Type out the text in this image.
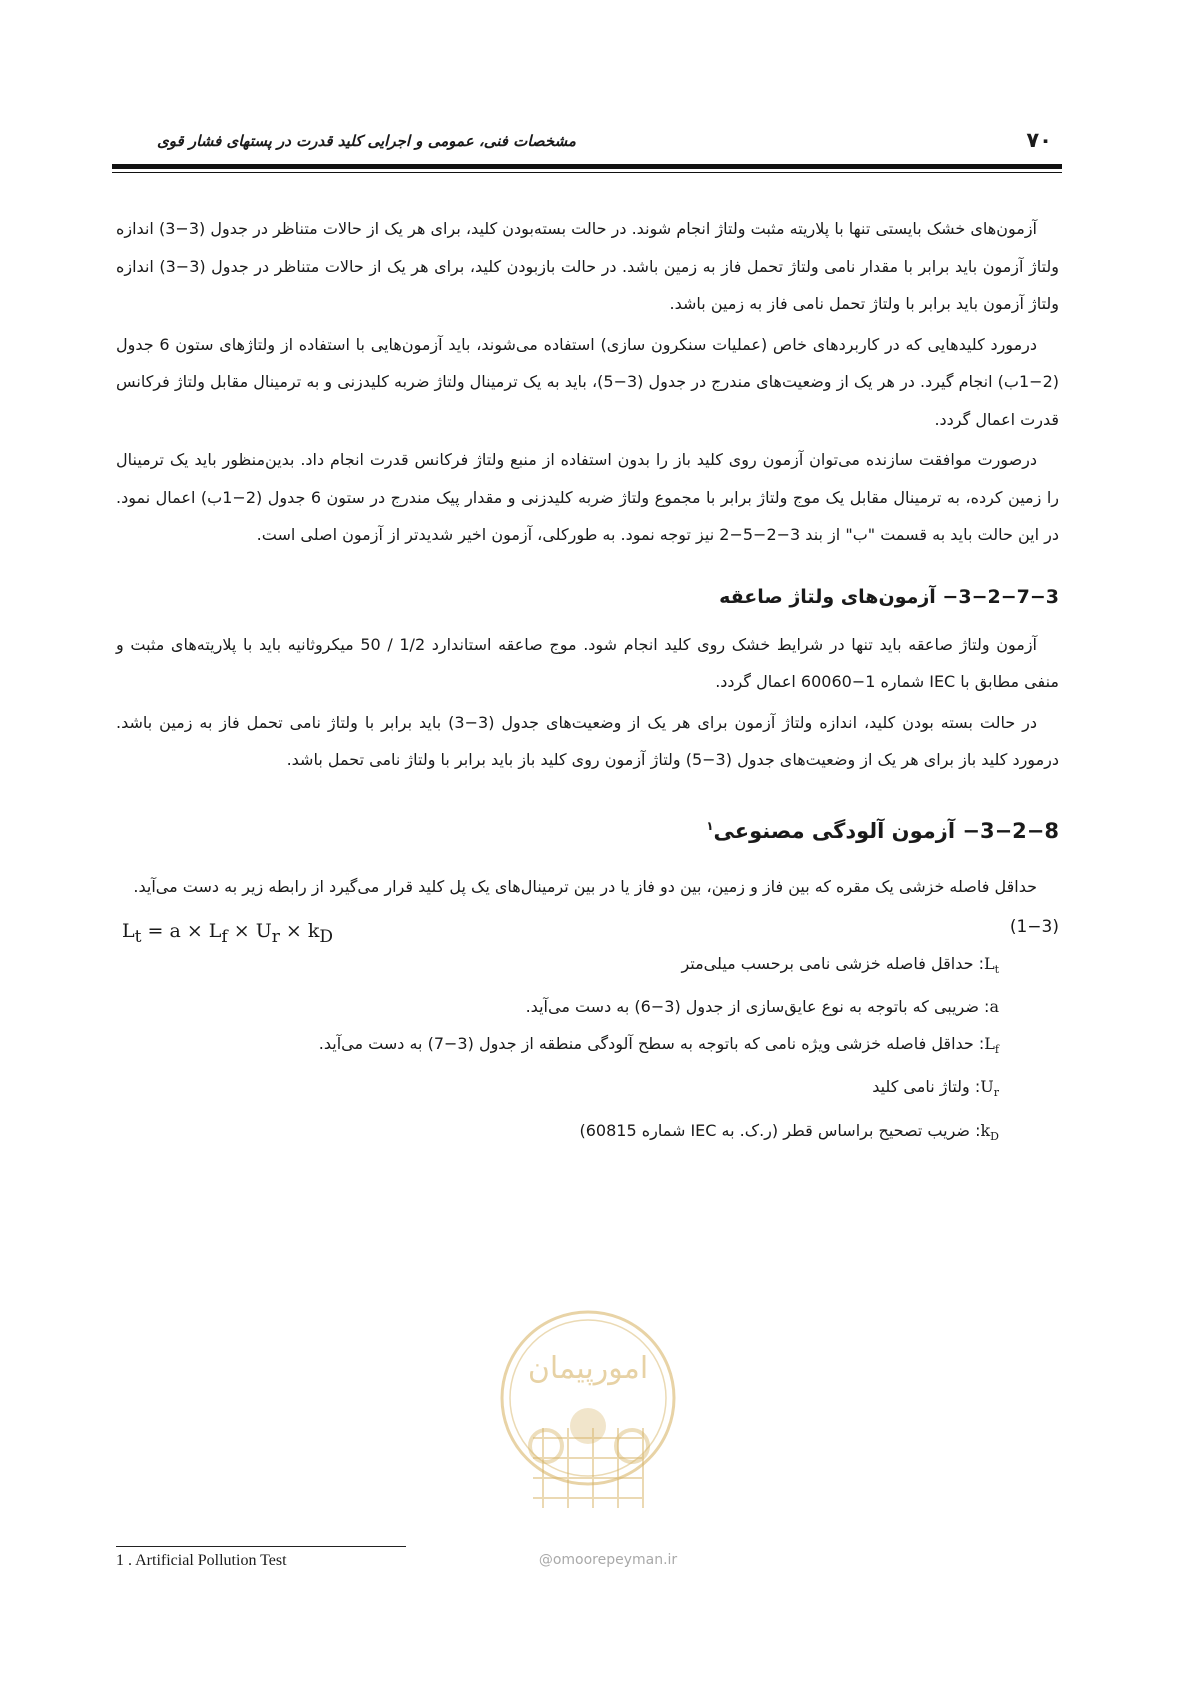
۷۰
مشخصات فنی، عمومی و اجرایی کلید قدرت در پستهای فشار قوی

آزمون‌های خشک بایستی تنها با پلاریته مثبت ولتاژ انجام شوند. در حالت بسته‌بودن کلید، برای هر یک از حالات متناظر در جدول (3−3) اندازه ولتاژ آزمون باید برابر با مقدار نامی ولتاژ تحمل فاز به زمین باشد. در حالت بازبودن کلید، برای هر یک از حالات متناظر در جدول (3−3) اندازه ولتاژ آزمون باید برابر با ولتاژ تحمل نامی فاز به زمین باشد.

درمورد کلیدهایی که در کاربردهای خاص (عملیات سنکرون سازی) استفاده می‌شوند، باید آزمون‌هایی با استفاده از ولتاژهای ستون 6 جدول (2−1ب) انجام گیرد. در هر یک از وضعیت‌های مندرج در جدول (3−5)، باید به یک ترمینال ولتاژ ضربه کلیدزنی و به ترمینال مقابل ولتاژ فرکانس قدرت اعمال گردد.

درصورت موافقت سازنده می‌توان آزمون روی کلید باز را بدون استفاده از منبع ولتاژ فرکانس قدرت انجام داد. بدین‌منظور باید یک ترمینال را زمین کرده، به ترمینال مقابل یک موج ولتاژ برابر با مجموع ولتاژ ضربه کلیدزنی و مقدار پیک مندرج در ستون 6 جدول (2−1ب) اعمال نمود. در این حالت باید به قسمت "ب" از بند 3−2−5−2 نیز توجه نمود. به طورکلی، آزمون اخیر شدیدتر از آزمون اصلی است.

3−2−7−3− آزمون‌های ولتاژ صاعقه

آزمون ولتاژ صاعقه باید تنها در شرایط خشک روی کلید انجام شود. موج صاعقه استاندارد 1/2 ∕ 50 میکروثانیه باید با پلاریته‌های مثبت و منفی مطابق با IEC شماره 1−60060 اعمال گردد.

در حالت بسته بودن کلید، اندازه ولتاژ آزمون برای هر یک از وضعیت‌های جدول (3−3) باید برابر با ولتاژ نامی تحمل فاز به زمین باشد. درمورد کلید باز برای هر یک از وضعیت‌های جدول (3−5) ولتاژ آزمون روی کلید باز باید برابر با ولتاژ نامی تحمل باشد.

3−2−8− آزمون آلودگی مصنوعی$^۱$

حداقل فاصله خزشی یک مقره که بین فاز و زمین، بین دو فاز یا در بین ترمینال‌های یک پل کلید قرار می‌گیرد از رابطه زیر به دست می‌آید.

$L_t = a \times L_f \times U_r \times k_D$	(1−3)
$L_t$: حداقل فاصله خزشی نامی برحسب میلی‌متر
a: ضریبی که باتوجه به نوع عایق‌سازی از جدول (3−6) به دست می‌آید.
$L_f$: حداقل فاصله خزشی ویژه نامی که باتوجه به سطح آلودگی منطقه از جدول (3−7) به دست می‌آید.
$U_r$: ولتاژ نامی کلید
$k_D$: ضریب تصحیح براساس قطر (ر.ک. به IEC شماره 60815)
امورپیمان
@omoorepeyman.ir
1 . Artificial Pollution Test
